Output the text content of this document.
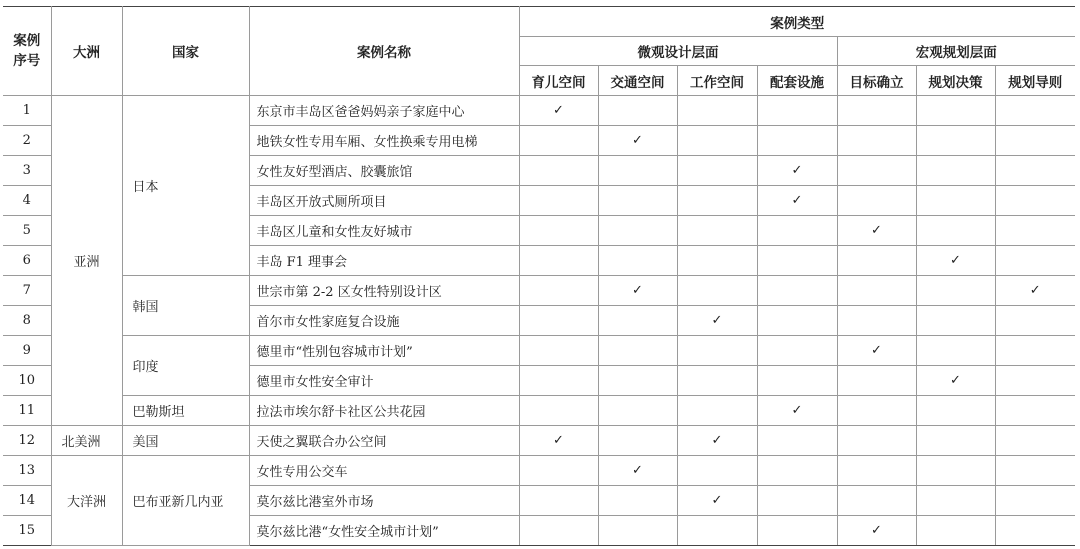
案例
序号	大洲	国家	案例名称	案例类型						
				微观设计层面				宏观规划层面		
				育儿空间	交通空间	工作空间	配套设施	目标确立	规划决策	规划导则
1	亚洲	日本	东京市丰岛区爸爸妈妈亲子家庭中心	✓						
2			地铁女性专用车厢、女性换乘专用电梯		✓					
3			女性友好型酒店、胶囊旅馆				✓			
4			丰岛区开放式厕所项目				✓			
5			丰岛区儿童和女性友好城市					✓		
6			丰岛 F1 理事会						✓	
7		韩国	世宗市第 2-2 区女性特别设计区		✓					✓
8			首尔市女性家庭复合设施			✓				
9		印度	德里市“性别包容城市计划”					✓		
10			德里市女性安全审计						✓	
11		巴勒斯坦	拉法市埃尔舒卡社区公共花园				✓			
12	北美洲	美国	天使之翼联合办公空间	✓		✓				
13	大洋洲	巴布亚新几内亚	女性专用公交车		✓					
14			莫尔兹比港室外市场			✓				
15			莫尔兹比港“女性安全城市计划”					✓		
